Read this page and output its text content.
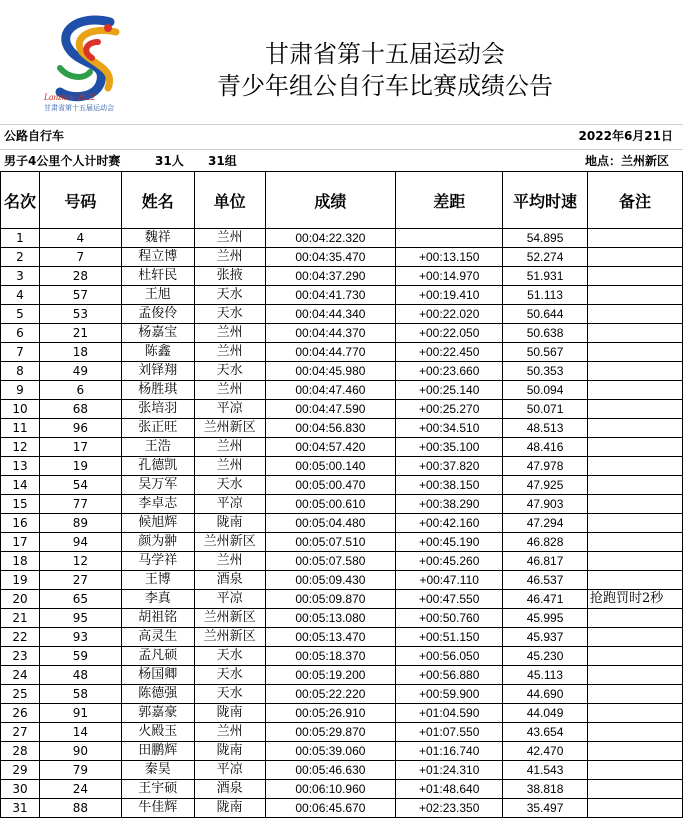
Lanzhou 2022
甘肃省第十五届运动会
甘肃省第十五届运动会
青少年组公自行车比赛成绩公告
公路自行车	2022年6月21日
男子4公里个人计时赛	31人 31组	地点：兰州新区
名次	号码	姓名	单位	成绩	差距	平均时速	备注
1	4	魏祥	兰州	00:04:22.320		54.895	
2	7	程立博	兰州	00:04:35.470	+00:13.150	52.274	
3	28	杜轩民	张掖	00:04:37.290	+00:14.970	51.931	
4	57	王旭	天水	00:04:41.730	+00:19.410	51.113	
5	53	孟俊伶	天水	00:04:44.340	+00:22.020	50.644	
6	21	杨嘉宝	兰州	00:04:44.370	+00:22.050	50.638	
7	18	陈鑫	兰州	00:04:44.770	+00:22.450	50.567	
8	49	刘铎翔	天水	00:04:45.980	+00:23.660	50.353	
9	6	杨胜琪	兰州	00:04:47.460	+00:25.140	50.094	
10	68	张培羽	平凉	00:04:47.590	+00:25.270	50.071	
11	96	张正旺	兰州新区	00:04:56.830	+00:34.510	48.513	
12	17	王浩	兰州	00:04:57.420	+00:35.100	48.416	
13	19	孔德凯	兰州	00:05:00.140	+00:37.820	47.978	
14	54	吴万军	天水	00:05:00.470	+00:38.150	47.925	
15	77	李卓志	平凉	00:05:00.610	+00:38.290	47.903	
16	89	候旭辉	陇南	00:05:04.480	+00:42.160	47.294	
17	94	颜为翀	兰州新区	00:05:07.510	+00:45.190	46.828	
18	12	马学祥	兰州	00:05:07.580	+00:45.260	46.817	
19	27	王博	酒泉	00:05:09.430	+00:47.110	46.537	
20	65	李真	平凉	00:05:09.870	+00:47.550	46.471	抢跑罚时2秒
21	95	胡祖铭	兰州新区	00:05:13.080	+00:50.760	45.995	
22	93	高灵生	兰州新区	00:05:13.470	+00:51.150	45.937	
23	59	孟凡硕	天水	00:05:18.370	+00:56.050	45.230	
24	48	杨国卿	天水	00:05:19.200	+00:56.880	45.113	
25	58	陈德强	天水	00:05:22.220	+00:59.900	44.690	
26	91	郭嘉豪	陇南	00:05:26.910	+01:04.590	44.049	
27	14	火殿玉	兰州	00:05:29.870	+01:07.550	43.654	
28	90	田鹏辉	陇南	00:05:39.060	+01:16.740	42.470	
29	79	秦昊	平凉	00:05:46.630	+01:24.310	41.543	
30	24	王宇硕	酒泉	00:06:10.960	+01:48.640	38.818	
31	88	牛佳辉	陇南	00:06:45.670	+02:23.350	35.497	
